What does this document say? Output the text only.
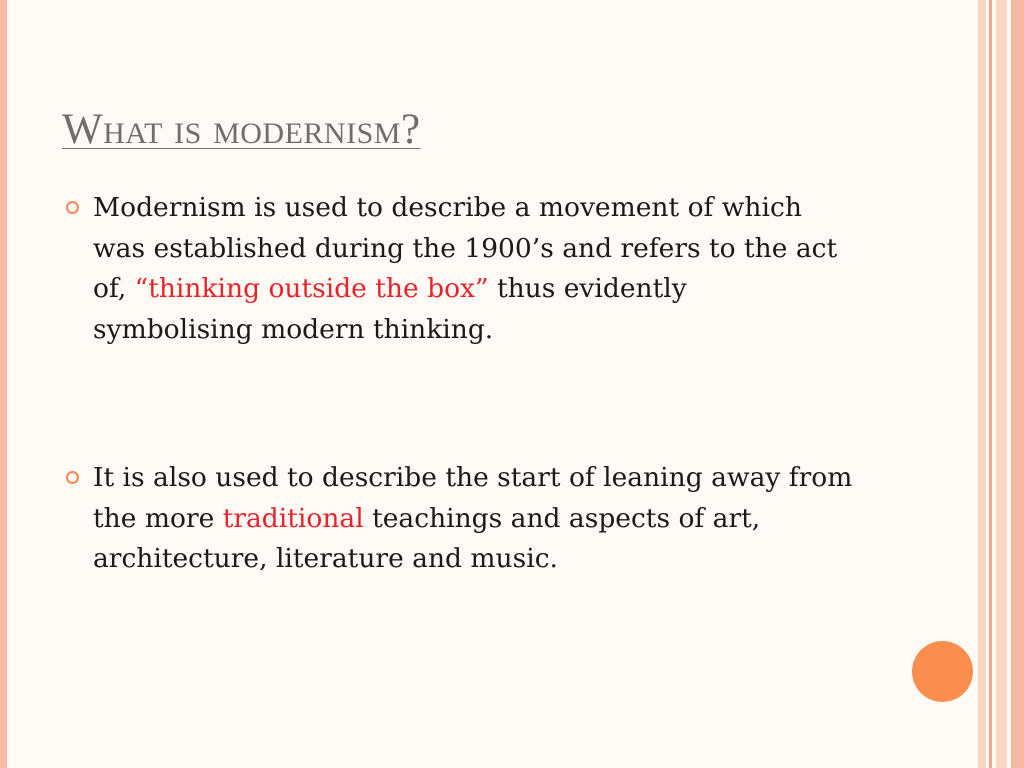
What is modernism?

Modernism is used to describe a movement of which was established during the 1900’s and refers to the act of, “thinking outside the box” thus evidently symbolising modern thinking.

It is also used to describe the start of leaning away from the more traditional teachings and aspects of art, architecture, literature and music.
